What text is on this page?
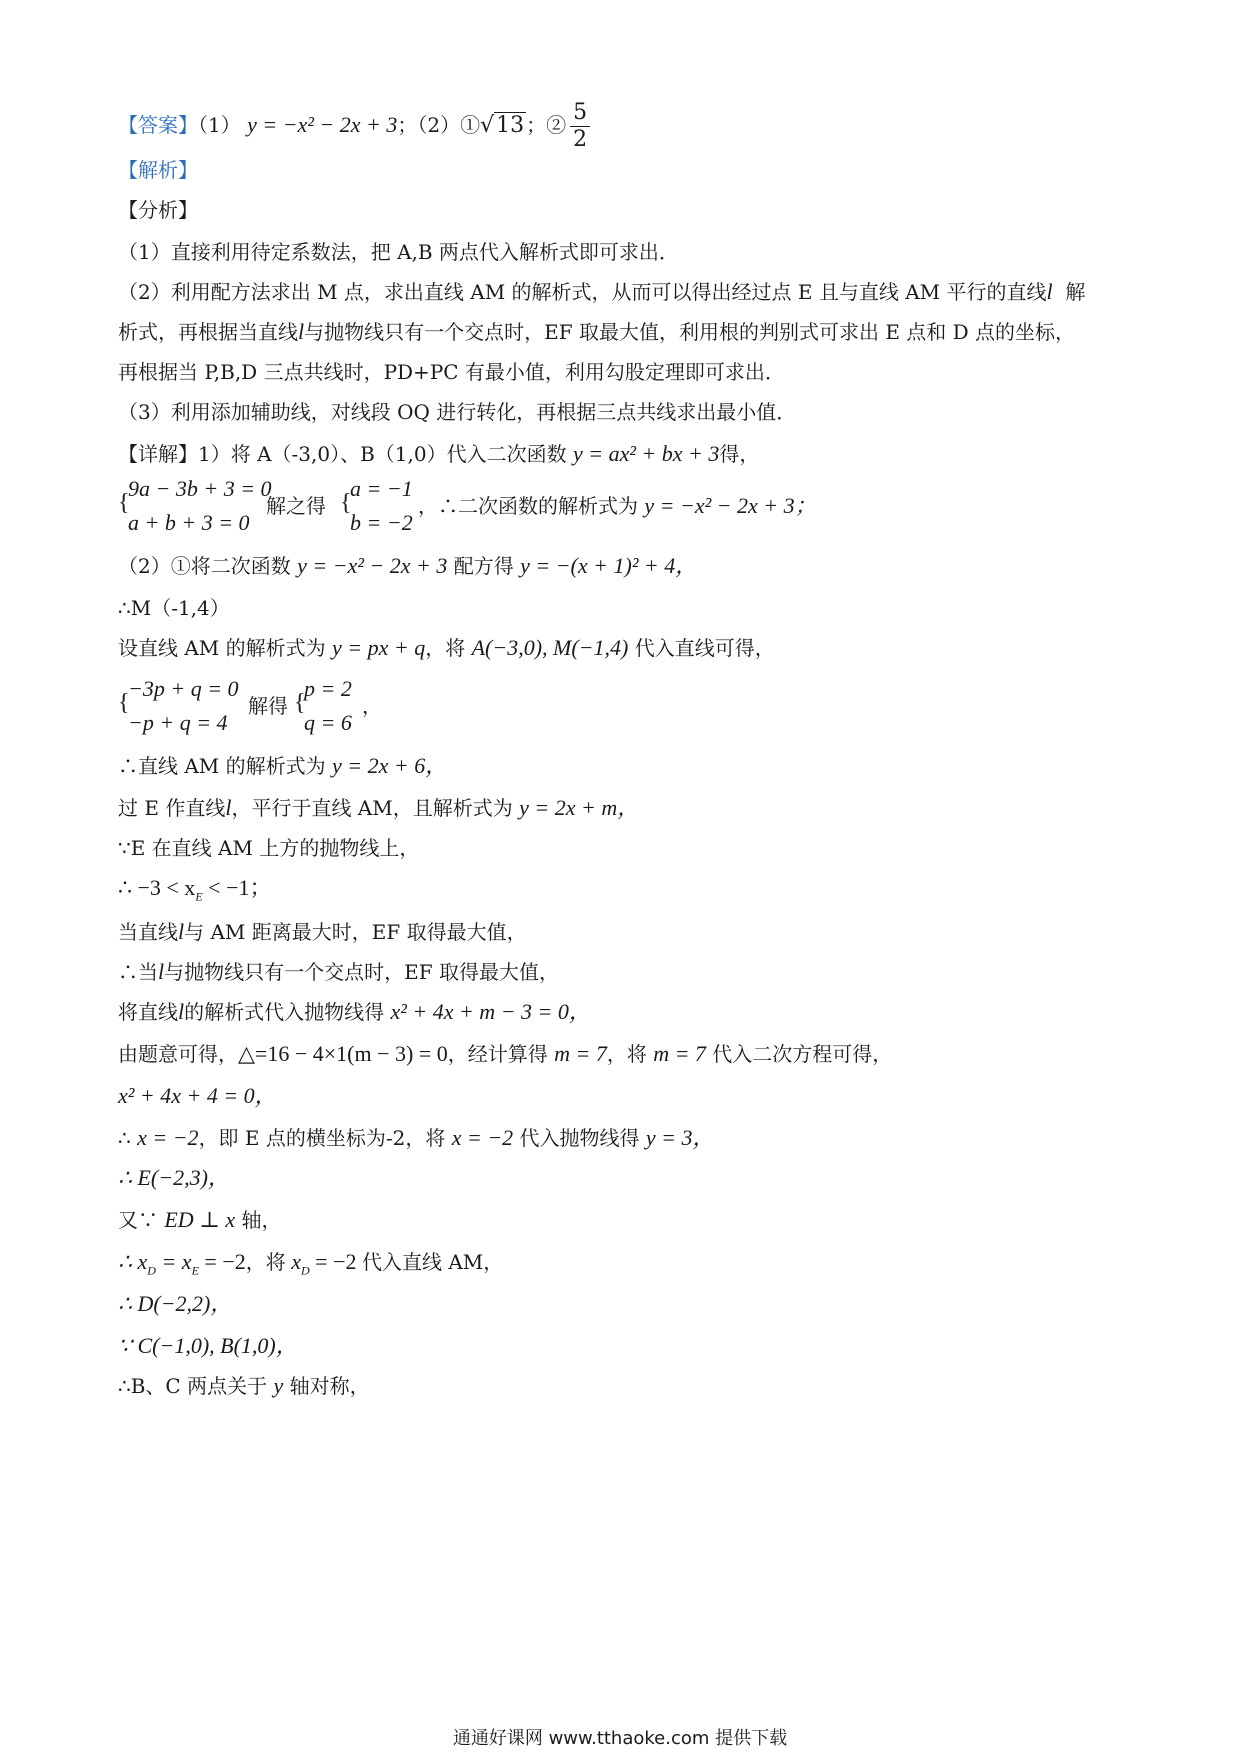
【答案】（1） y = −x² − 2x + 3；（2）①√13 ；② $\frac{5}{2}$
【解析】
【分析】
（1）直接利用待定系数法，把 A,B 两点代入解析式即可求出．
（2）利用配方法求出 M 点，求出直线 AM 的解析式，从而可以得出经过点 E 且与直线 AM 平行的直线l 解
析式，再根据当直线l与抛物线只有一个交点时，EF 取最大值，利用根的判别式可求出 E 点和 D 点的坐标，
再根据当 P,B,D 三点共线时，PD+PC 有最小值，利用勾股定理即可求出．
（3）利用添加辅助线，对线段 OQ 进行转化，再根据三点共线求出最小值．
【详解】1）将 A（-3,0）、B（1,0）代入二次函数 y = ax² + bx + 3得，
{
9a − 3b + 3 = 0
a + b + 3 = 0
解之得 {
a = −1
b = −2
，∴二次函数的解析式为 y = −x² − 2x + 3；
（2）①将二次函数 y = −x² − 2x + 3 配方得 y = −(x + 1)² + 4，
∴M（-1,4）
设直线 AM 的解析式为 y = px + q，将 A(−3,0), M(−1,4) 代入直线可得，
{
−3p + q = 0
−p + q = 4
解得 {
p = 2
q = 6
，
∴直线 AM 的解析式为 y = 2x + 6，
过 E 作直线l，平行于直线 AM，且解析式为 y = 2x + m，
∵E 在直线 AM 上方的抛物线上，
∴ $-3 < x_E < -1$；
当直线l与 AM 距离最大时，EF 取得最大值，
∴当l与抛物线只有一个交点时，EF 取得最大值，
将直线l的解析式代入抛物线得 x² + 4x + m − 3 = 0，
由题意可得，△=16 − 4×1(m − 3) = 0，经计算得 m = 7，将 m = 7 代入二次方程可得，
x² + 4x + 4 = 0，
∴ x = −2，即 E 点的横坐标为-2，将 x = −2 代入抛物线得 y = 3，
∴ E(−2,3)，
又∵ ED ⊥ x 轴，
∴ $x_D = x_E = -2$，将 $x_D = -2$ 代入直线 AM，
∴ D(−2,2)，
∵ C(−1,0), B(1,0)，
∴B、C 两点关于 y 轴对称，
通通好课网 www.tthaoke.com 提供下载
